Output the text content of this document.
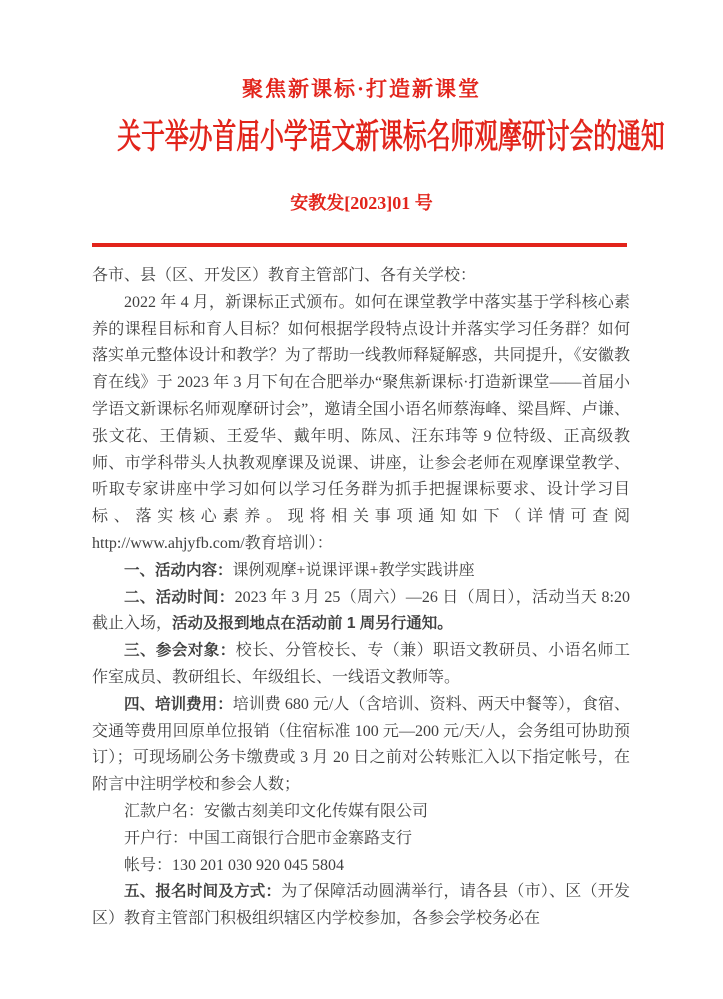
聚焦新课标·打造新课堂
关于举办首届小学语文新课标名师观摩研讨会的通知
安教发[2023]01 号

各市、县（区、开发区）教育主管部门、各有关学校：

2022 年 4 月，新课标正式颁布。如何在课堂教学中落实基于学科核心素养的课程目标和育人目标？如何根据学段特点设计并落实学习任务群？如何落实单元整体设计和教学？为了帮助一线教师释疑解惑，共同提升，《安徽教育在线》于 2023 年 3 月下旬在合肥举办“聚焦新课标·打造新课堂——首届小学语文新课标名师观摩研讨会”，邀请全国小语名师蔡海峰、梁昌辉、卢谦、张文花、王倩颖、王爱华、戴年明、陈凤、汪东玮等 9 位特级、正高级教师、市学科带头人执教观摩课及说课、讲座，让参会老师在观摩课堂教学、听取专家讲座中学习如何以学习任务群为抓手把握课标要求、设计学习目标、落实核心素养。现将相关事项通知如下（详情可查阅 http://www.ahjyfb.com/教育培训）：

一、活动内容：课例观摩+说课评课+教学实践讲座

二、活动时间：2023 年 3 月 25（周六）—26 日（周日），活动当天 8:20 截止入场，活动及报到地点在活动前 1 周另行通知。

三、参会对象：校长、分管校长、专（兼）职语文教研员、小语名师工作室成员、教研组长、年级组长、一线语文教师等。

四、培训费用：培训费 680 元/人（含培训、资料、两天中餐等），食宿、交通等费用回原单位报销（住宿标准 100 元—200 元/天/人，会务组可协助预订）；可现场刷公务卡缴费或 3 月 20 日之前对公转账汇入以下指定帐号，在附言中注明学校和参会人数；

汇款户名：安徽古刻美印文化传媒有限公司

开户行：中国工商银行合肥市金寨路支行

帐号：130 201 030 920 045 5804

五、报名时间及方式：为了保障活动圆满举行，请各县（市）、区（开发区）教育主管部门积极组织辖区内学校参加，各参会学校务必在
